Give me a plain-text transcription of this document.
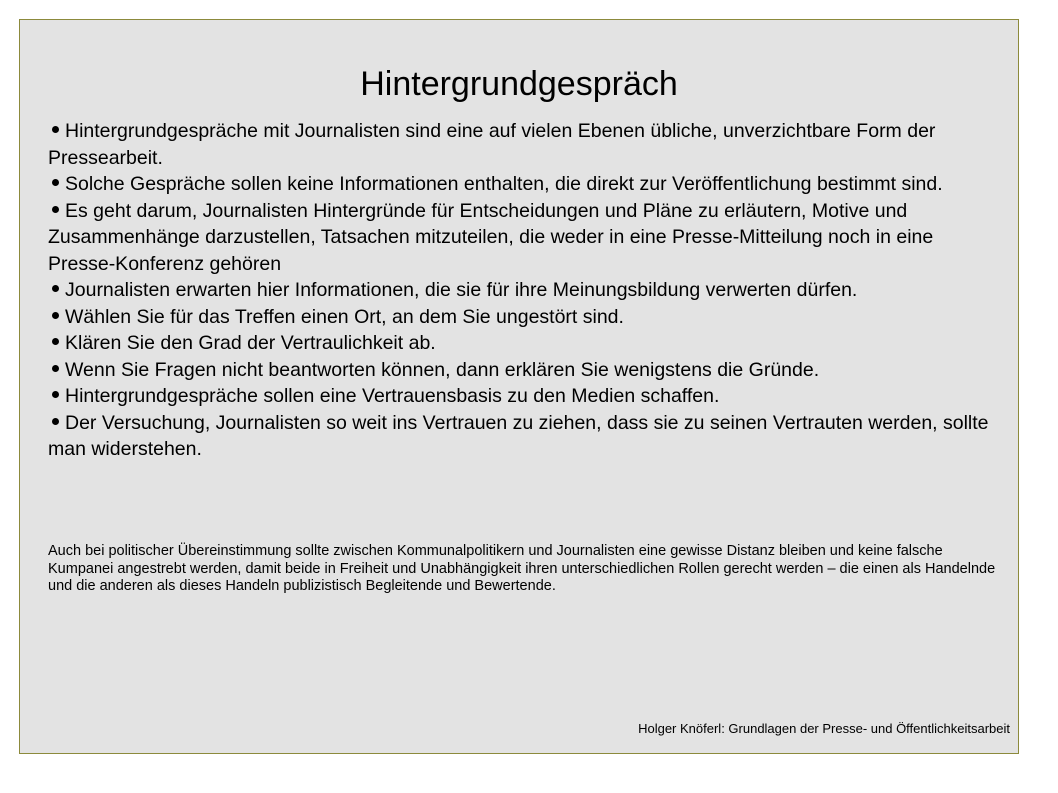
Hintergrundgespräch
Hintergrundgespräche mit Journalisten sind eine auf vielen Ebenen übliche, unverzichtbare Form der Pressearbeit.
Solche Gespräche sollen keine Informationen enthalten, die direkt zur Veröffentlichung bestimmt sind.
Es geht darum, Journalisten Hintergründe für Entscheidungen und Pläne zu erläutern, Motive und Zusammenhänge darzustellen, Tatsachen mitzuteilen, die weder in eine Presse-Mitteilung noch in eine Presse-Konferenz gehören
Journalisten erwarten hier Informationen, die sie für ihre Meinungsbildung verwerten dürfen.
Wählen Sie für das Treffen einen Ort, an dem Sie ungestört sind.
Klären Sie den Grad der Vertraulichkeit ab.
Wenn Sie Fragen nicht beantworten können, dann erklären Sie wenigstens die Gründe.
Hintergrundgespräche sollen eine Vertrauensbasis zu den Medien schaffen.
Der Versuchung, Journalisten so weit ins Vertrauen zu ziehen, dass sie zu seinen Vertrauten werden, sollte man widerstehen.

Auch bei politischer Übereinstimmung sollte zwischen Kommunalpolitikern und Journalisten eine gewisse Distanz bleiben und keine falsche Kumpanei angestrebt werden, damit beide in Freiheit und Unabhängigkeit ihren unterschiedlichen Rollen gerecht werden – die einen als Handelnde und die anderen als dieses Handeln publizistisch Begleitende und Bewertende.

Holger Knöferl: Grundlagen der Presse- und Öffentlichkeitsarbeit
